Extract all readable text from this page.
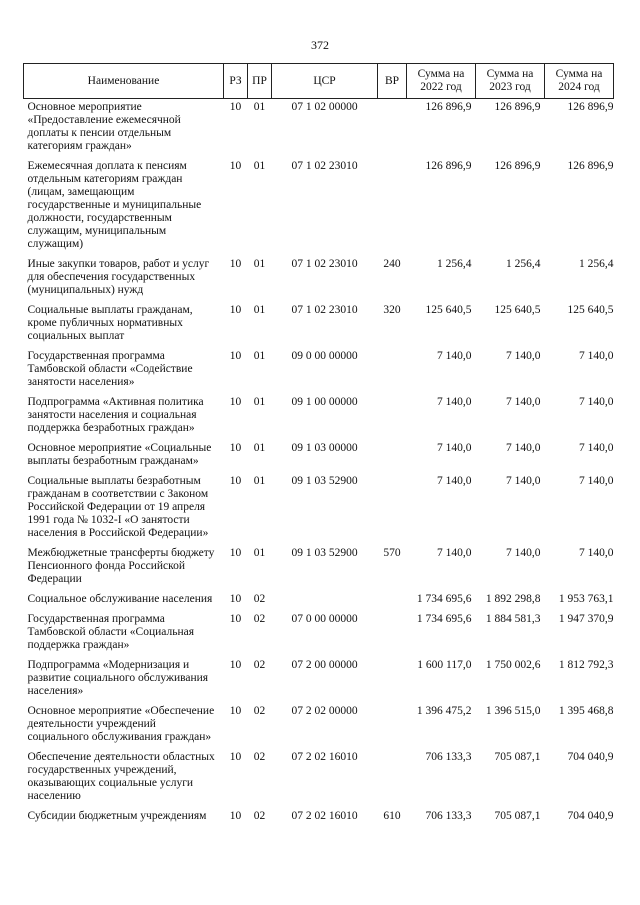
372
Наименование	РЗ	ПР	ЦСР	ВР	Сумма на 2022 год	Сумма на 2023 год	Сумма на 2024 год
Основное мероприятие «Предоставление ежемесячной доплаты к пенсии отдельным категориям граждан»	10	01	07 1 02 00000		126 896,9	126 896,9	126 896,9
Ежемесячная доплата к пенсиям отдельным категориям граждан (лицам, замещающим государственные и муниципальные должности, государственным служащим, муниципальным служащим)	10	01	07 1 02 23010		126 896,9	126 896,9	126 896,9
Иные закупки товаров, работ и услуг для обеспечения государственных (муниципальных) нужд	10	01	07 1 02 23010	240	1 256,4	1 256,4	1 256,4
Социальные выплаты гражданам, кроме публичных нормативных социальных выплат	10	01	07 1 02 23010	320	125 640,5	125 640,5	125 640,5
Государственная программа Тамбовской области «Содействие занятости населения»	10	01	09 0 00 00000		7 140,0	7 140,0	7 140,0
Подпрограмма «Активная политика занятости населения и социальная поддержка безработных граждан»	10	01	09 1 00 00000		7 140,0	7 140,0	7 140,0
Основное мероприятие «Социальные выплаты безработным гражданам»	10	01	09 1 03 00000		7 140,0	7 140,0	7 140,0
Социальные выплаты безработным гражданам в соответствии с Законом Российской Федерации от 19 апреля 1991 года № 1032-I «О занятости населения в Российской Федерации»	10	01	09 1 03 52900		7 140,0	7 140,0	7 140,0
Межбюджетные трансферты бюджету Пенсионного фонда Российской Федерации	10	01	09 1 03 52900	570	7 140,0	7 140,0	7 140,0
Социальное обслуживание населения	10	02			1 734 695,6	1 892 298,8	1 953 763,1
Государственная программа Тамбовской области «Социальная поддержка граждан»	10	02	07 0 00 00000		1 734 695,6	1 884 581,3	1 947 370,9
Подпрограмма «Модернизация и развитие социального обслуживания населения»	10	02	07 2 00 00000		1 600 117,0	1 750 002,6	1 812 792,3
Основное мероприятие «Обеспечение деятельности учреждений социального обслуживания граждан»	10	02	07 2 02 00000		1 396 475,2	1 396 515,0	1 395 468,8
Обеспечение деятельности областных государственных учреждений, оказывающих социальные услуги населению	10	02	07 2 02 16010		706 133,3	705 087,1	704 040,9
Субсидии бюджетным учреждениям	10	02	07 2 02 16010	610	706 133,3	705 087,1	704 040,9
